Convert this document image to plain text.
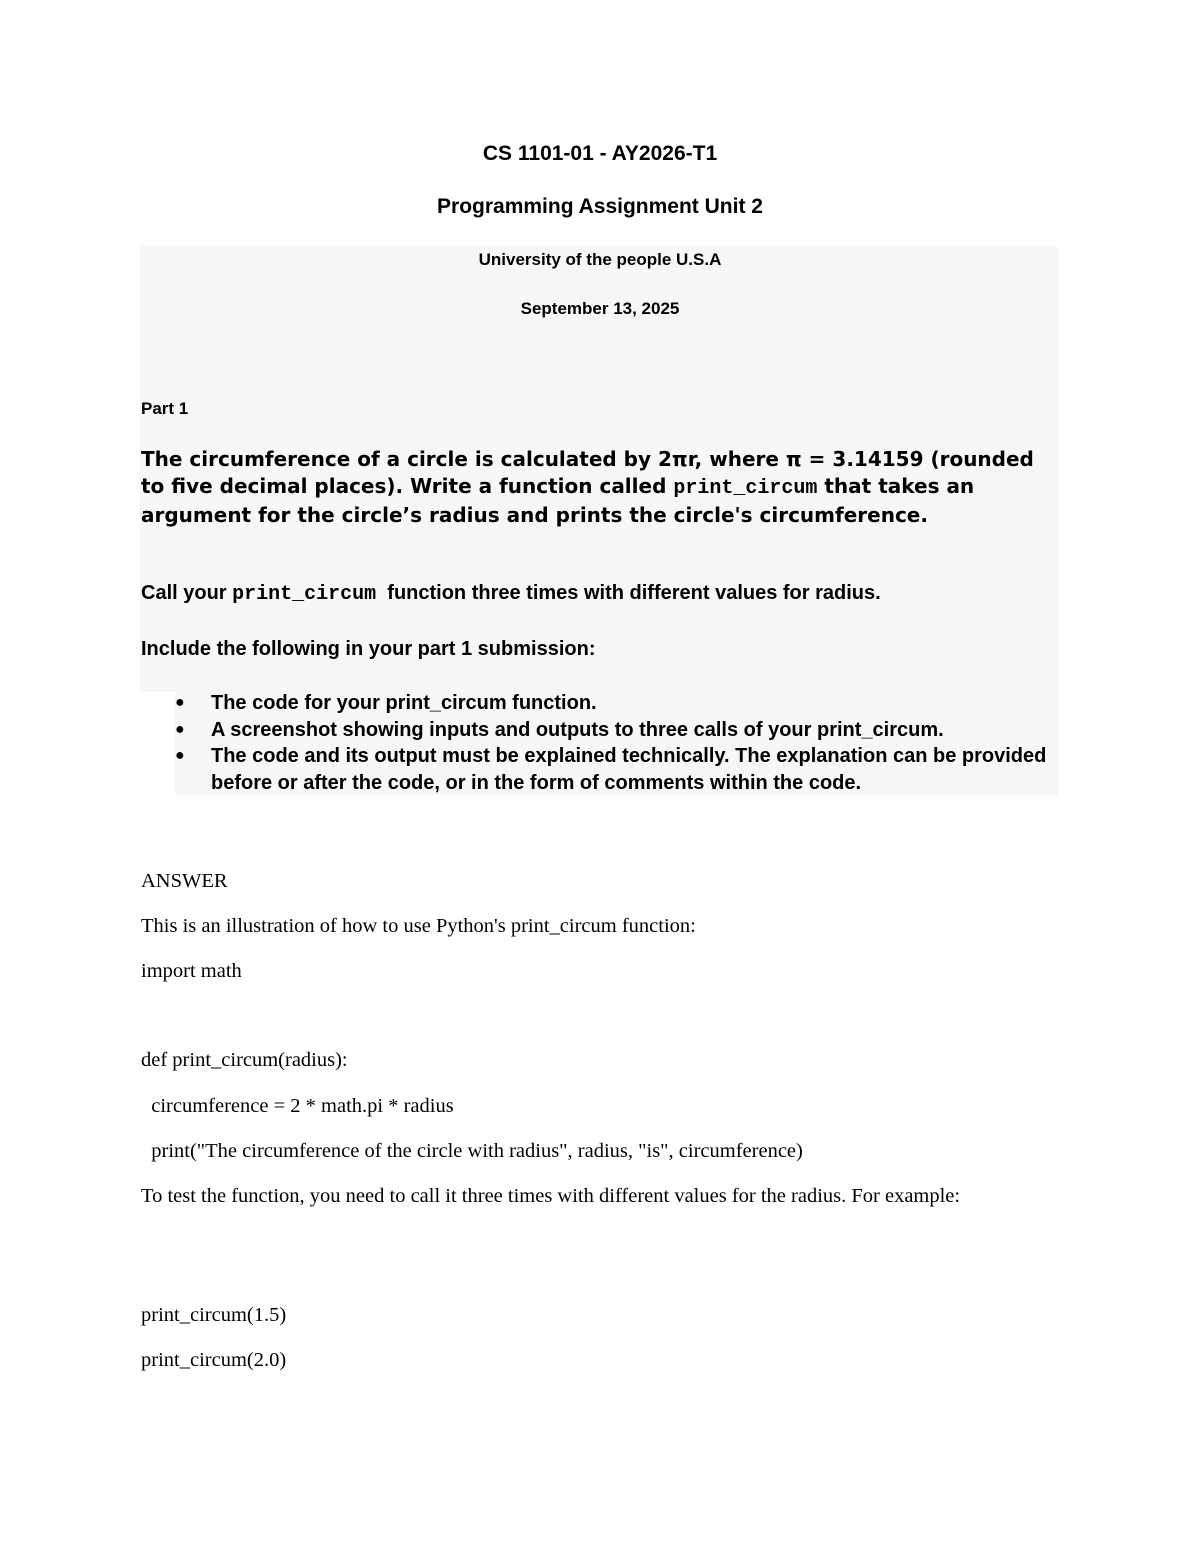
CS 1101-01 - AY2026-T1
Programming Assignment Unit 2
University of the people U.S.A
September 13, 2025
Part 1
The circumference of a circle is calculated by 2πr, where π = 3.14159 (rounded to five decimal places). Write a function called print_circum that takes an argument for the circle’s radius and prints the circle's circumference.
Call your print_circum  function three times with different values for radius.
Include the following in your part 1 submission:
● The code for your print_circum function.
● A screenshot showing inputs and outputs to three calls of your print_circum.
● The code and its output must be explained technically. The explanation can be provided before or after the code, or in the form of comments within the code.
ANSWER
This is an illustration of how to use Python's print_circum function:
import math
def print_circum(radius):
circumference = 2 * math.pi * radius
print("The circumference of the circle with radius", radius, "is", circumference)
To test the function, you need to call it three times with different values for the radius. For example:
print_circum(1.5)
print_circum(2.0)
